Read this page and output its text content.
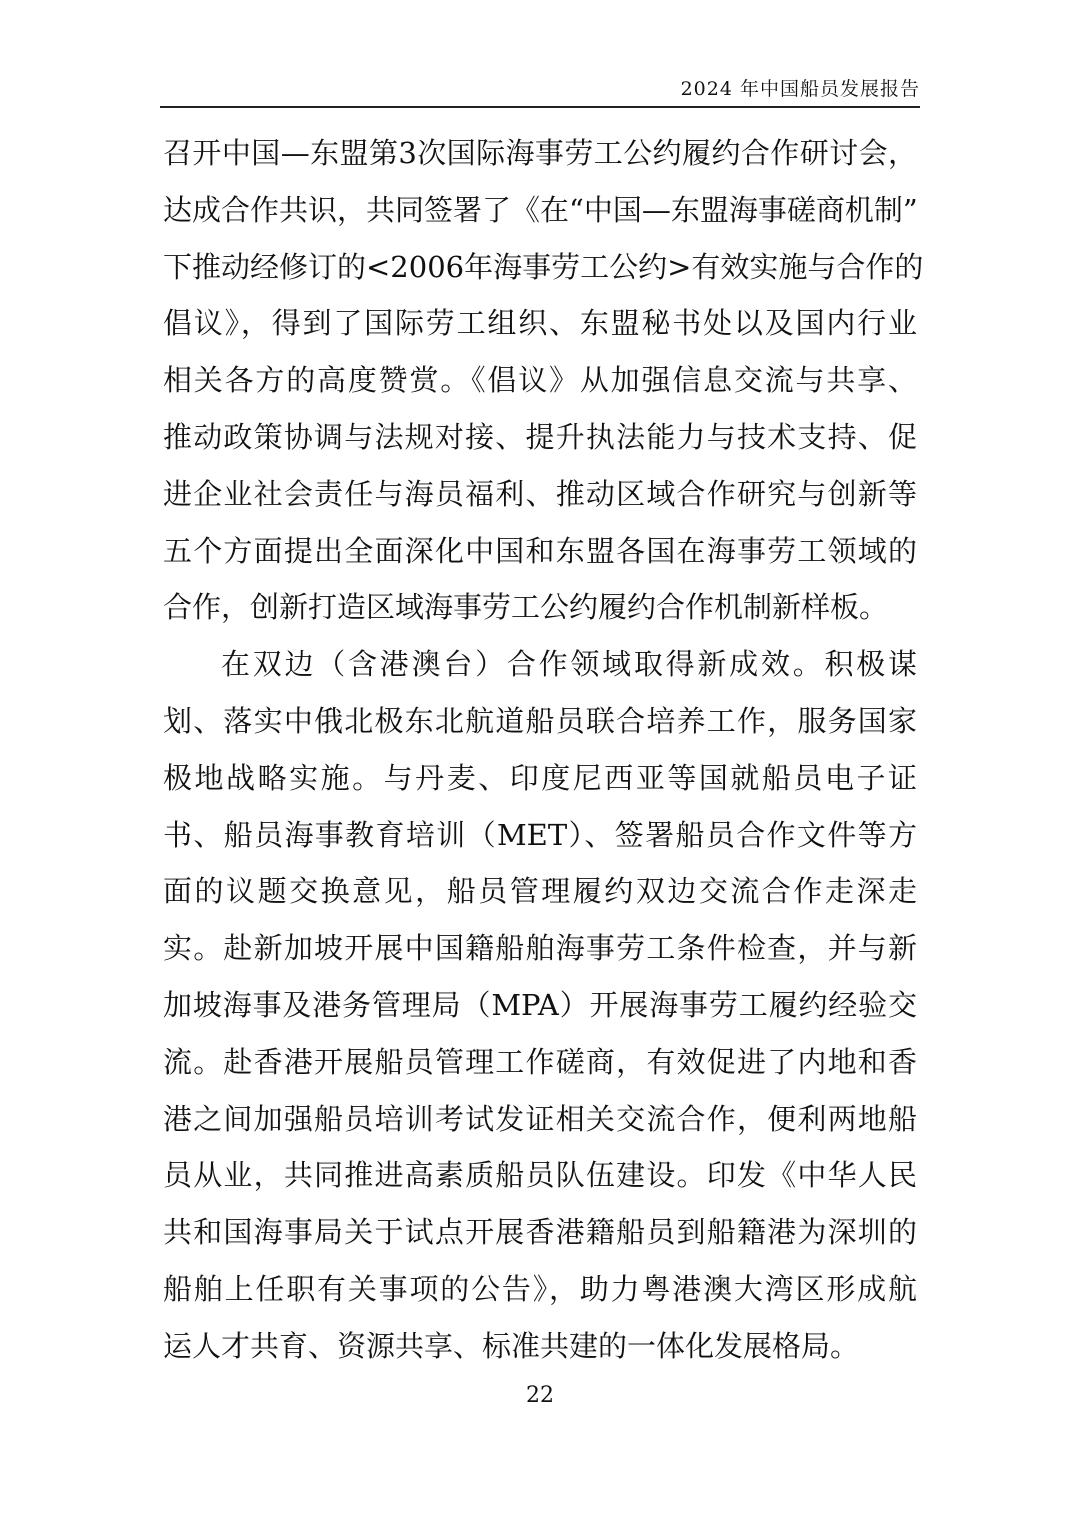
2024 年中国船员发展报告
召开中国—东盟第3次国际海事劳工公约履约合作研讨会，
达成合作共识，共同签署了《在“中国—东盟海事磋商机制”
下推动经修订的<2006年海事劳工公约>有效实施与合作的
倡议》，得到了国际劳工组织、东盟秘书处以及国内行业
相关各方的高度赞赏。《倡议》从加强信息交流与共享、
推动政策协调与法规对接、提升执法能力与技术支持、促
进企业社会责任与海员福利、推动区域合作研究与创新等
五个方面提出全面深化中国和东盟各国在海事劳工领域的
合作，创新打造区域海事劳工公约履约合作机制新样板。
在双边（含港澳台）合作领域取得新成效。积极谋
划、落实中俄北极东北航道船员联合培养工作，服务国家
极地战略实施。与丹麦、印度尼西亚等国就船员电子证
书、船员海事教育培训（MET）、签署船员合作文件等方
面的议题交换意见，船员管理履约双边交流合作走深走
实。赴新加坡开展中国籍船舶海事劳工条件检查，并与新
加坡海事及港务管理局（MPA）开展海事劳工履约经验交
流。赴香港开展船员管理工作磋商，有效促进了内地和香
港之间加强船员培训考试发证相关交流合作，便利两地船
员从业，共同推进高素质船员队伍建设。印发《中华人民
共和国海事局关于试点开展香港籍船员到船籍港为深圳的
船舶上任职有关事项的公告》，助力粤港澳大湾区形成航
运人才共育、资源共享、标准共建的一体化发展格局。
22
